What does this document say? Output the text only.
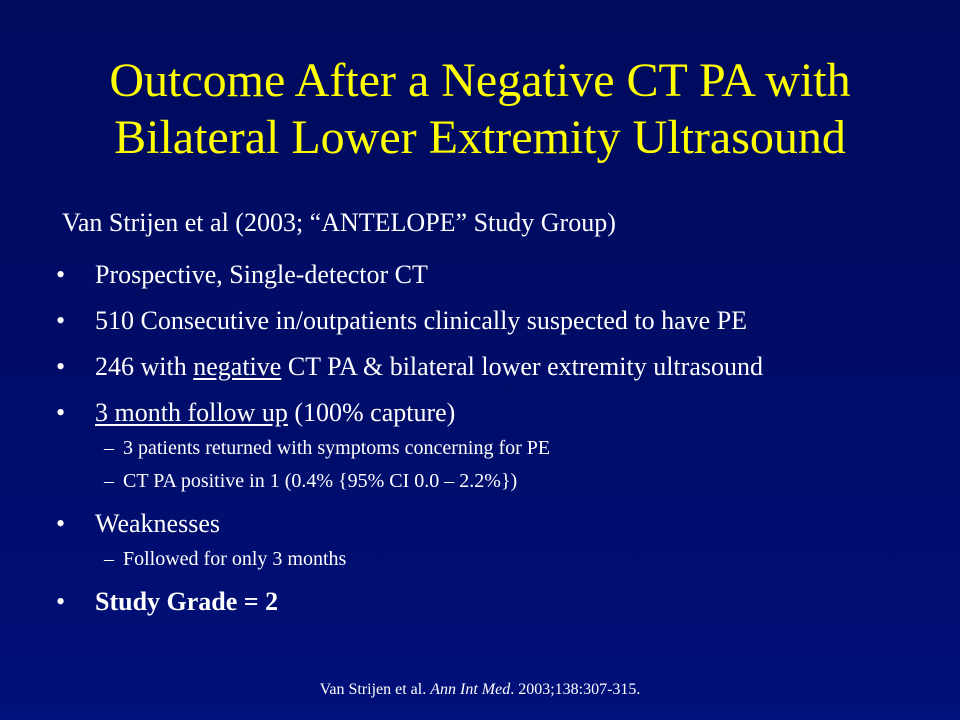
Outcome After a Negative CT PA with
Bilateral Lower Extremity Ultrasound
Van Strijen et al (2003; “ANTELOPE” Study Group)
• Prospective, Single-detector CT
• 510 Consecutive in/outpatients clinically suspected to have PE
• 246 with negative CT PA & bilateral lower extremity ultrasound
• 3 month follow up (100% capture)
– 3 patients returned with symptoms concerning for PE
– CT PA positive in 1 (0.4% {95% CI 0.0 – 2.2%})
• Weaknesses
– Followed for only 3 months
• Study Grade = 2
Van Strijen et al. Ann Int Med. 2003;138:307-315.
